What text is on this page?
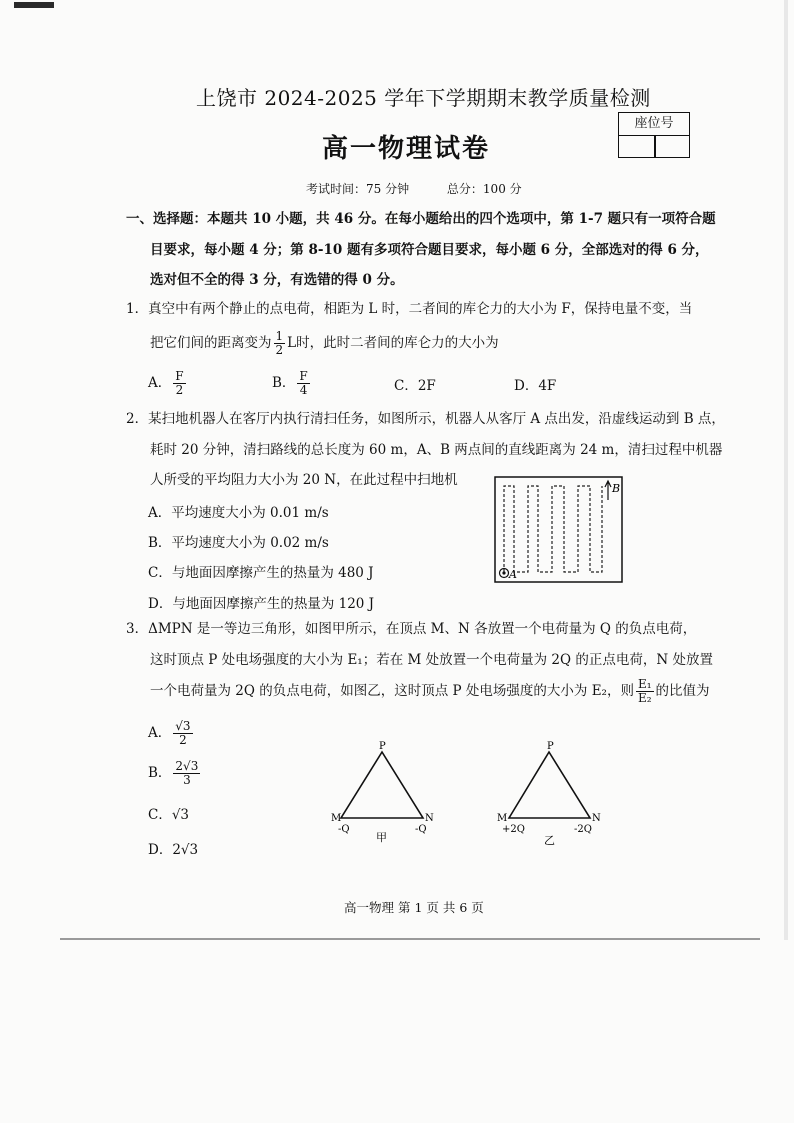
上饶市 2024-2025 学年下学期期末教学质量检测
高一物理试卷
座位号
考试时间：75 分钟	总分：100 分
一、选择题：本题共 10 小题，共 46 分。在每小题给出的四个选项中，第 1-7 题只有一项符合题
目要求，每小题 4 分；第 8-10 题有多项符合题目要求，每小题 6 分，全部选对的得 6 分，
选对但不全的得 3 分，有选错的得 0 分。
1．真空中有两个静止的点电荷，相距为 L 时，二者间的库仑力的大小为 F，保持电量不变，当
把它们间的距离变为 $\frac{1}{2}$ L时，此时二者间的库仑力的大小为
A． $\frac{F}{2}$	B． $\frac{F}{4}$	C．2F	D．4F
2．某扫地机器人在客厅内执行清扫任务，如图所示，机器人从客厅 A 点出发，沿虚线运动到 B 点，
耗时 20 分钟，清扫路线的总长度为 60 m，A、B 两点间的直线距离为 24 m，清扫过程中机器
人所受的平均阻力大小为 20 N，在此过程中扫地机
A．平均速度大小为 0.01 m/s
B．平均速度大小为 0.02 m/s
C．与地面因摩擦产生的热量为 480 J
D．与地面因摩擦产生的热量为 120 J
A
B
3．ΔMPN 是一等边三角形，如图甲所示，在顶点 M、N 各放置一个电荷量为 Q 的负点电荷，
这时顶点 P 处电场强度的大小为 E₁；若在 M 处放置一个电荷量为 2Q 的正点电荷，N 处放置
一个电荷量为 2Q 的负点电荷，如图乙，这时顶点 P 处电场强度的大小为 E₂，则 $\frac{\text{E₁}}{\text{E₂}}$ 的比值为
A． $\frac{√3}{2}$
B． $\frac{2√3}{3}$
C．√3
D．2√3
P
M	N
-Q	-Q
甲
P
M	N
+2Q	-2Q
乙
高一物理 第 1 页 共 6 页
